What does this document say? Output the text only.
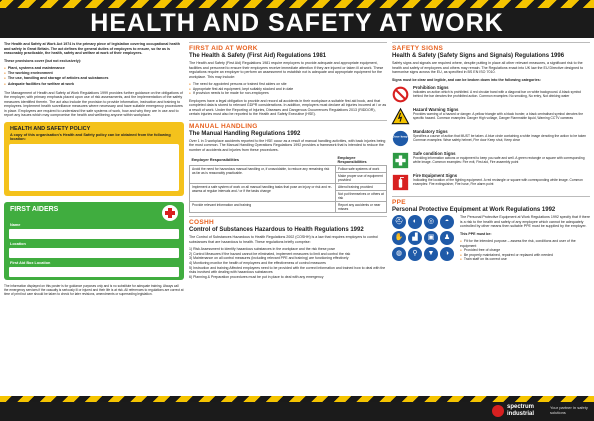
HEALTH AND SAFETY AT WORK
The Health and Safety at Work Act 1974 is the primary piece of legislation covering occupational health and safety in Great Britain. The act defines the general duties of employers to ensure, so far as is reasonably practicable, the health, safety and welfare at work of their employees.
These provisions cover (but not exclusively):
● Plant, systems and maintenance
● The working environment
● The use, handling and storage of articles and substances
● Adequate facilities for welfare at work
The Management of Health and Safety at Work Regulations 1999 provides further guidance on the obligations of the employer, with primary emphasis placed upon use of risk assessments, and the implementation of the safety measures identified therein. The act also include the provision to provide information, instruction and training to employees. Implement health surveillance measures where necessary and have suitable emergency procedures in place. Employees are required to understand the safe systems of work, how and why they are in use and to report any issues which may compromise the health and wellbeing anyone within workplace.
HEALTH AND SAFETY POLICY
A copy of this organisation's Health and Safety policy can be obtained from the following location:
FIRST AIDERS
Name
Location
First Aid Box Location
The information displayed on this poster is for guidance purposes only and is no substitute for adequate training. Always call the emergency services if the casualty is seriously ill or injured and their life is at risk. All references to regulations are correct at time of print but care should be taken to check for later revisions, amendments or superseding legislation.
FIRST AID AT WORK
The Health & Safety (First Aid) Regulations 1981
The Health and Safety (First Aid) Regulations 1981 require employers to provide adequate and appropriate equipment, facilities and personnel to ensure their employees receive immediate attention if they are injured or taken ill at work. These regulations require an employer to perform an assessment to establish not is adequate and appropriate equipment for the workplace. This may include:
● The need for appointed persons or trained first aiders on site
● Appropriate first aid equipment, kept suitably stocked and in date
● If provision needs to be made for non-employees
Employers have a legal obligation to provide and record all accidents in their workplace a suitable first aid book, and that completed data is stored to relevant GDPR considerations. In addition, employers must declare all injuries incurred at / or as a result of work. Under the Reporting of Injuries, Diseases and Dangerous Occurrences Regulations 2013 (RIDDOR), certain injuries must also be reported to the Health and Safety Executive (HSE).
MANUAL HANDLING
The Manual Handling Regulations 1992
Over 1 in 3 workplace accidents reported to the HSE occur as a result of manual handling activities, with back injuries being the most common. The Manual Handling Operations Regulations 1992 provides a framework that is intended to reduce the number of accidents and injuries from these procedures.
Employer Responsibilities	Employee Responsibilities
Avoid the need for hazardous manual handling or, if unavoidable, to reduce any remaining risk as far as is reasonably practicable.	Follow safe systems of work
	Make proper use of equipment provided
Implement a safe system of work on all manual handling tasks that pose an injury or risk and re-assess at regular intervals and / or if the tasks change	Attend training provided
	Not put themselves or others at risk
Provide relevant information and training	Report any accidents or near misses
COSHH
Control of Substances Hazardous to Health Regulations 1992
The Control of Substances Hazardous to Health Regulations 2002 (COSHH) is a law that requires employers to control substances that are hazardous to health. These regulations briefly comprise:
1) Risk Assessment to identify hazardous substances in the workplace and the risk these pose
2) Control Measures if the hazard cannot be eliminated, implement measures to limit and control the risk
3) Maintenance on all control measures (including relevant PPE and training) are functioning effectively
4) Monitoring monitor the health of employees and the effectiveness of control measures
5) Instruction and training Affected employees need to be provided with the correct information and trained how to deal with the risks involved with dealing with hazardous substances
6) Planning & Preparation procedures must be put in place to deal with any emergency
SAFETY SIGNS
Health & Safety (Safety Signs and Signals) Regulations 1996
Safety signs and signals are required where, despite putting in place all other relevant measures, a significant risk to the health and safety of employees and others may remain. The Regulations enact into UK law the EU Directive designed to harmonise signs across the EU, as specified in BS EN ISO 7010.
Signs must be clear and legible, and can be broken down into the following categories:
Prohibition Signs
indicates an action which is prohibited. A red circular band with a diagonal bar on white background. A black symbol behind the bar denotes the prohibited action. Common examples: No smoking, No entry, Not drinking water
Hazard Warning Signs
Provides warning of a hazard or danger. A yellow triangle with a black border, a black centralised symbol denotes the specific hazard. Common examples: Danger High voltage, Danger Flammable liquid, Warning CCTV cameras
Fire Door keep shut
Mandatory Signs
Specifies a course of action that MUST be taken. A blue circle containing a white image denoting the action to be taken Common examples: Wear safety helmet, Fire door Keep shut, Keep clear
Safe condition Signs
Providing information actions or equipment to keep you safe and well. A green rectangle or square with corresponding white image. Common examples: Fire exit, First aid, Fire assembly point
Fire Equipment Signs
Indicating the location of fire fighting equipment. A red rectangle or square with corresponding white image. Common examples: Fire extinguisher, Fire hose, Fire alarm point
PPE
Personal Protective Equipment at Work Regulations 1992
⛑	◐	◎	◓
✋	▟	▣	♟
◍	⚲	▼	◑
The Personal Protective Equipment at Work Regulations 1992 specify that if there is a risk to the health and safety of any employee which cannot be adequately controlled by other means then suitable PPE must be supplied by the employer.
This PPE must be:
● Fit for the intended purpose – assess the risk, conditions and user of the equipment
● Provided free of charge
● Be properly maintained, repaired or replaced with needed
● Train staff on its correct use
spectrum
industrial
Your partner in safety solutions
